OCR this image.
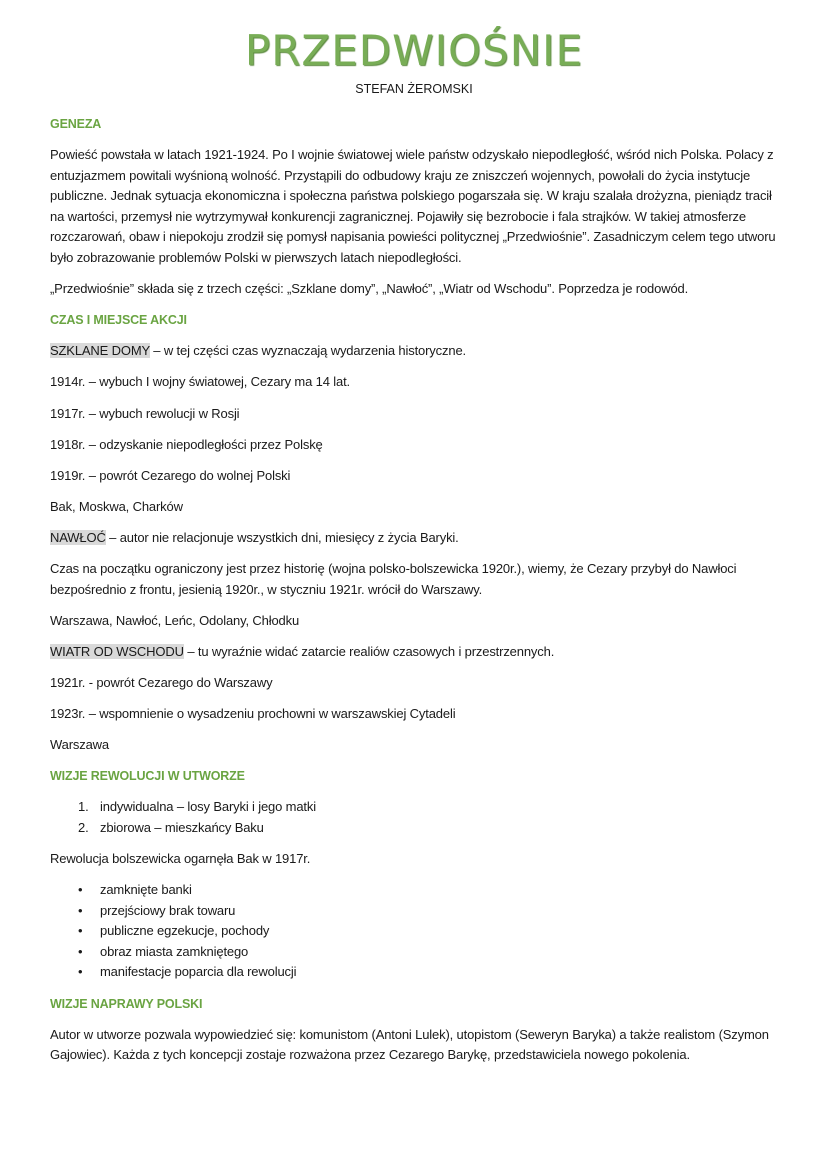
PRZEDWIOŚNIE
STEFAN ŻEROMSKI
GENEZA

Powieść powstała w latach 1921-1924. Po I wojnie światowej wiele państw odzyskało niepodległość, wśród nich Polska. Polacy z entuzjazmem powitali wyśnioną wolność. Przystąpili do odbudowy kraju ze zniszczeń wojennych, powołali do życia instytucje publiczne. Jednak sytuacja ekonomiczna i społeczna państwa polskiego pogarszała się. W kraju szalała drożyzna, pieniądz tracił na wartości, przemysł nie wytrzymywał konkurencji zagranicznej. Pojawiły się bezrobocie i fala strajków. W takiej atmosferze rozczarowań, obaw i niepokoju zrodził się pomysł napisania powieści politycznej „Przedwiośnie”. Zasadniczym celem tego utworu było zobrazowanie problemów Polski w pierwszych latach niepodległości.

„Przedwiośnie” składa się z trzech części: „Szklane domy”, „Nawłoć”, „Wiatr od Wschodu”. Poprzedza je rodowód.

CZAS I MIEJSCE AKCJI

SZKLANE DOMY – w tej części czas wyznaczają wydarzenia historyczne.

1914r. – wybuch I wojny światowej, Cezary ma 14 lat.

1917r. – wybuch rewolucji w Rosji

1918r. – odzyskanie niepodległości przez Polskę

1919r. – powrót Cezarego do wolnej Polski

Bak, Moskwa, Charków

NAWŁOĆ – autor nie relacjonuje wszystkich dni, miesięcy z życia Baryki.

Czas na początku ograniczony jest przez historię (wojna polsko-bolszewicka 1920r.), wiemy, że Cezary przybył do Nawłoci bezpośrednio z frontu, jesienią 1920r., w styczniu 1921r. wrócił do Warszawy.

Warszawa, Nawłoć, Leńc, Odolany, Chłodku

WIATR OD WSCHODU – tu wyraźnie widać zatarcie realiów czasowych i przestrzennych.

1921r. - powrót Cezarego do Warszawy

1923r. – wspomnienie o wysadzeniu prochowni w warszawskiej Cytadeli

Warszawa

WIZJE REWOLUCJI W UTWORZE
1. indywidualna – losy Baryki i jego matki
2. zbiorowa – mieszkańcy Baku

Rewolucja bolszewicka ogarnęła Bak w 1917r.

• zamknięte banki
• przejściowy brak towaru
• publiczne egzekucje, pochody
• obraz miasta zamkniętego
• manifestacje poparcia dla rewolucji
WIZJE NAPRAWY POLSKI

Autor w utworze pozwala wypowiedzieć się: komunistom (Antoni Lulek), utopistom (Seweryn Baryka) a także realistom (Szymon Gajowiec). Każda z tych koncepcji zostaje rozważona przez Cezarego Barykę, przedstawiciela nowego pokolenia.
